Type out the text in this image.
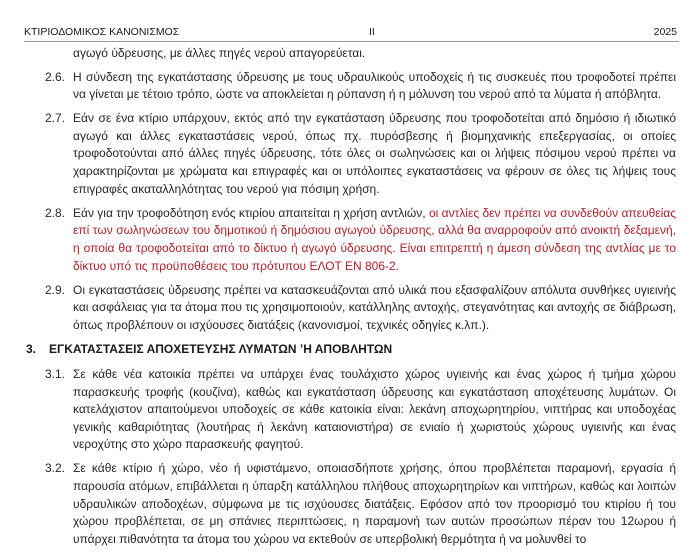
ΚΤΙΡΙΟΔΟΜΙΚΟΣ ΚΑΝΟΝΙΣΜΟΣ	II	2025
αγωγό ύδρευσης, με άλλες πηγές νερού απαγορεύεται.
2.6. Η σύνδεση της εγκατάστασης ύδρευσης με τους υδραυλικούς υποδοχείς ή τις συσκευές που τροφοδοτεί πρέπει να γίνεται με τέτοιο τρόπο, ώστε να αποκλείεται η ρύπανση ή η μόλυνση του νερού από τα λύματα ή απόβλητα.
2.7. Εάν σε ένα κτίριο υπάρχουν, εκτός από την εγκατάσταση ύδρευσης που τροφοδοτείται από δημόσιο ή ιδιωτικό αγωγό και άλλες εγκαταστάσεις νερού, όπως πχ. πυρόσβεσης ή βιομηχανικής επεξεργασίας, οι οποίες τροφοδοτούνται από άλλες πηγές ύδρευσης, τότε όλες οι σωληνώσεις και οι λήψεις πόσιμου νερού πρέπει να χαρακτηρίζονται με χρώματα και επιγραφές και οι υπόλοιπες εγκαταστάσεις να φέρουν σε όλες τις λήψεις τους επιγραφές ακαταλληλότητας του νερού για πόσιμη χρήση.
2.8. Εάν για την τροφοδότηση ενός κτιρίου απαιτείται η χρήση αντλιών, οι αντλίες δεν πρέπει να συνδεθούν απευθείας επί των σωληνώσεων του δημοτικού ή δημόσιου αγωγού ύδρευσης, αλλά θα αναρροφούν από ανοικτή δεξαμενή, η οποία θα τροφοδοτείται από το δίκτυο ή αγωγό ύδρευσης. Είναι επιτρεπτή η άμεση σύνδεση της αντλίας με το δίκτυο υπό τις προϋποθέσεις του πρότυπου ΕΛΟΤ ΕΝ 806-2.
2.9. Οι εγκαταστάσεις ύδρευσης πρέπει να κατασκευάζονται από υλικά που εξασφαλίζουν απόλυτα συνθήκες υγιεινής και ασφάλειας για τα άτομα που τις χρησιμοποιούν, κατάλληλης αντοχής, στεγανότητας και αντοχής σε διάβρωση, όπως προβλέπουν οι ισχύουσες διατάξεις (κανονισμοί, τεχνικές οδηγίες κ.λπ.).
3. ΕΓΚΑΤΑΣΤΑΣΕΙΣ ΑΠΟΧΕΤΕΥΣΗΣ ΛΥΜΑΤΩΝ ’Η ΑΠΟΒΛΗΤΩΝ
3.1. Σε κάθε νέα κατοικία πρέπει να υπάρχει ένας τουλάχιστο χώρος υγιεινής και ένας χώρος ή τμήμα χώρου παρασκευής τροφής (κουζίνα), καθώς και εγκατάσταση ύδρευσης και εγκατάσταση αποχέτευσης λυμάτων. Οι κατελάχιστον απαιτούμενοι υποδοχείς σε κάθε κατοικία είναι: λεκάνη αποχωρητηρίου, νιπτήρας και υποδοχέας γενικής καθαριότητας (λουτήρας ή λεκάνη καταιονιστήρα) σε ενιαίο ή χωριστούς χώρους υγιεινής και ένας νεροχύτης στο χώρο παρασκευής φαγητού.
3.2. Σε κάθε κτίριο ή χώρο, νέο ή υφιστάμενο, οποιασδήποτε χρήσης, όπου προβλέπεται παραμονή, εργασία ή παρουσία ατόμων, επιβάλλεται η ύπαρξη κατάλληλου πλήθους αποχωρητηρίων και νιπτήρων, καθώς και λοιπών υδραυλικών αποδοχέων, σύμφωνα με τις ισχύουσες διατάξεις. Εφόσον από τον προορισμό του κτιρίου ή του χώρου προβλέπεται, σε μη σπάνιες περιπτώσεις, η παραμονή των αυτών προσώπων πέραν του 12ωρου ή υπάρχει πιθανότητα τα άτομα του χώρου να εκτεθούν σε υπερβολική θερμότητα ή να μολυνθεί το
